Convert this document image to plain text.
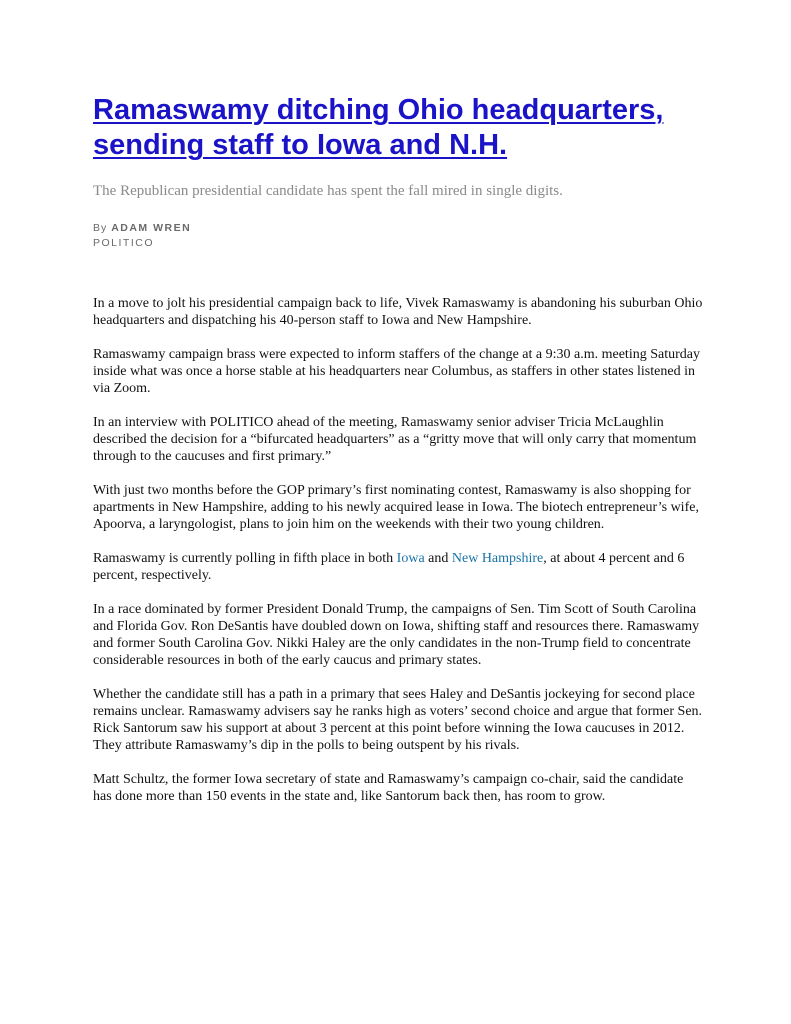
Ramaswamy ditching Ohio headquarters,
sending staff to Iowa and N.H.

The Republican presidential candidate has spent the fall mired in single digits.

By ADAM WREN
POLITICO

In a move to jolt his presidential campaign back to life, Vivek Ramaswamy is abandoning his suburban Ohio headquarters and dispatching his 40-person staff to Iowa and New Hampshire.

Ramaswamy campaign brass were expected to inform staffers of the change at a 9:30 a.m. meeting Saturday inside what was once a horse stable at his headquarters near Columbus, as staffers in other states listened in via Zoom.

In an interview with POLITICO ahead of the meeting, Ramaswamy senior adviser Tricia McLaughlin described the decision for a “bifurcated headquarters” as a “gritty move that will only carry that momentum through to the caucuses and first primary.”

With just two months before the GOP primary’s first nominating contest, Ramaswamy is also shopping for apartments in New Hampshire, adding to his newly acquired lease in Iowa. The biotech entrepreneur’s wife, Apoorva, a laryngologist, plans to join him on the weekends with their two young children.

Ramaswamy is currently polling in fifth place in both Iowa and New Hampshire, at about 4 percent and 6 percent, respectively.

In a race dominated by former President Donald Trump, the campaigns of Sen. Tim Scott of South Carolina and Florida Gov. Ron DeSantis have doubled down on Iowa, shifting staff and resources there. Ramaswamy and former South Carolina Gov. Nikki Haley are the only candidates in the non-Trump field to concentrate considerable resources in both of the early caucus and primary states.

Whether the candidate still has a path in a primary that sees Haley and DeSantis jockeying for second place remains unclear. Ramaswamy advisers say he ranks high as voters’ second choice and argue that former Sen. Rick Santorum saw his support at about 3 percent at this point before winning the Iowa caucuses in 2012. They attribute Ramaswamy’s dip in the polls to being outspent by his rivals.

Matt Schultz, the former Iowa secretary of state and Ramaswamy’s campaign co-chair, said the candidate has done more than 150 events in the state and, like Santorum back then, has room to grow.
